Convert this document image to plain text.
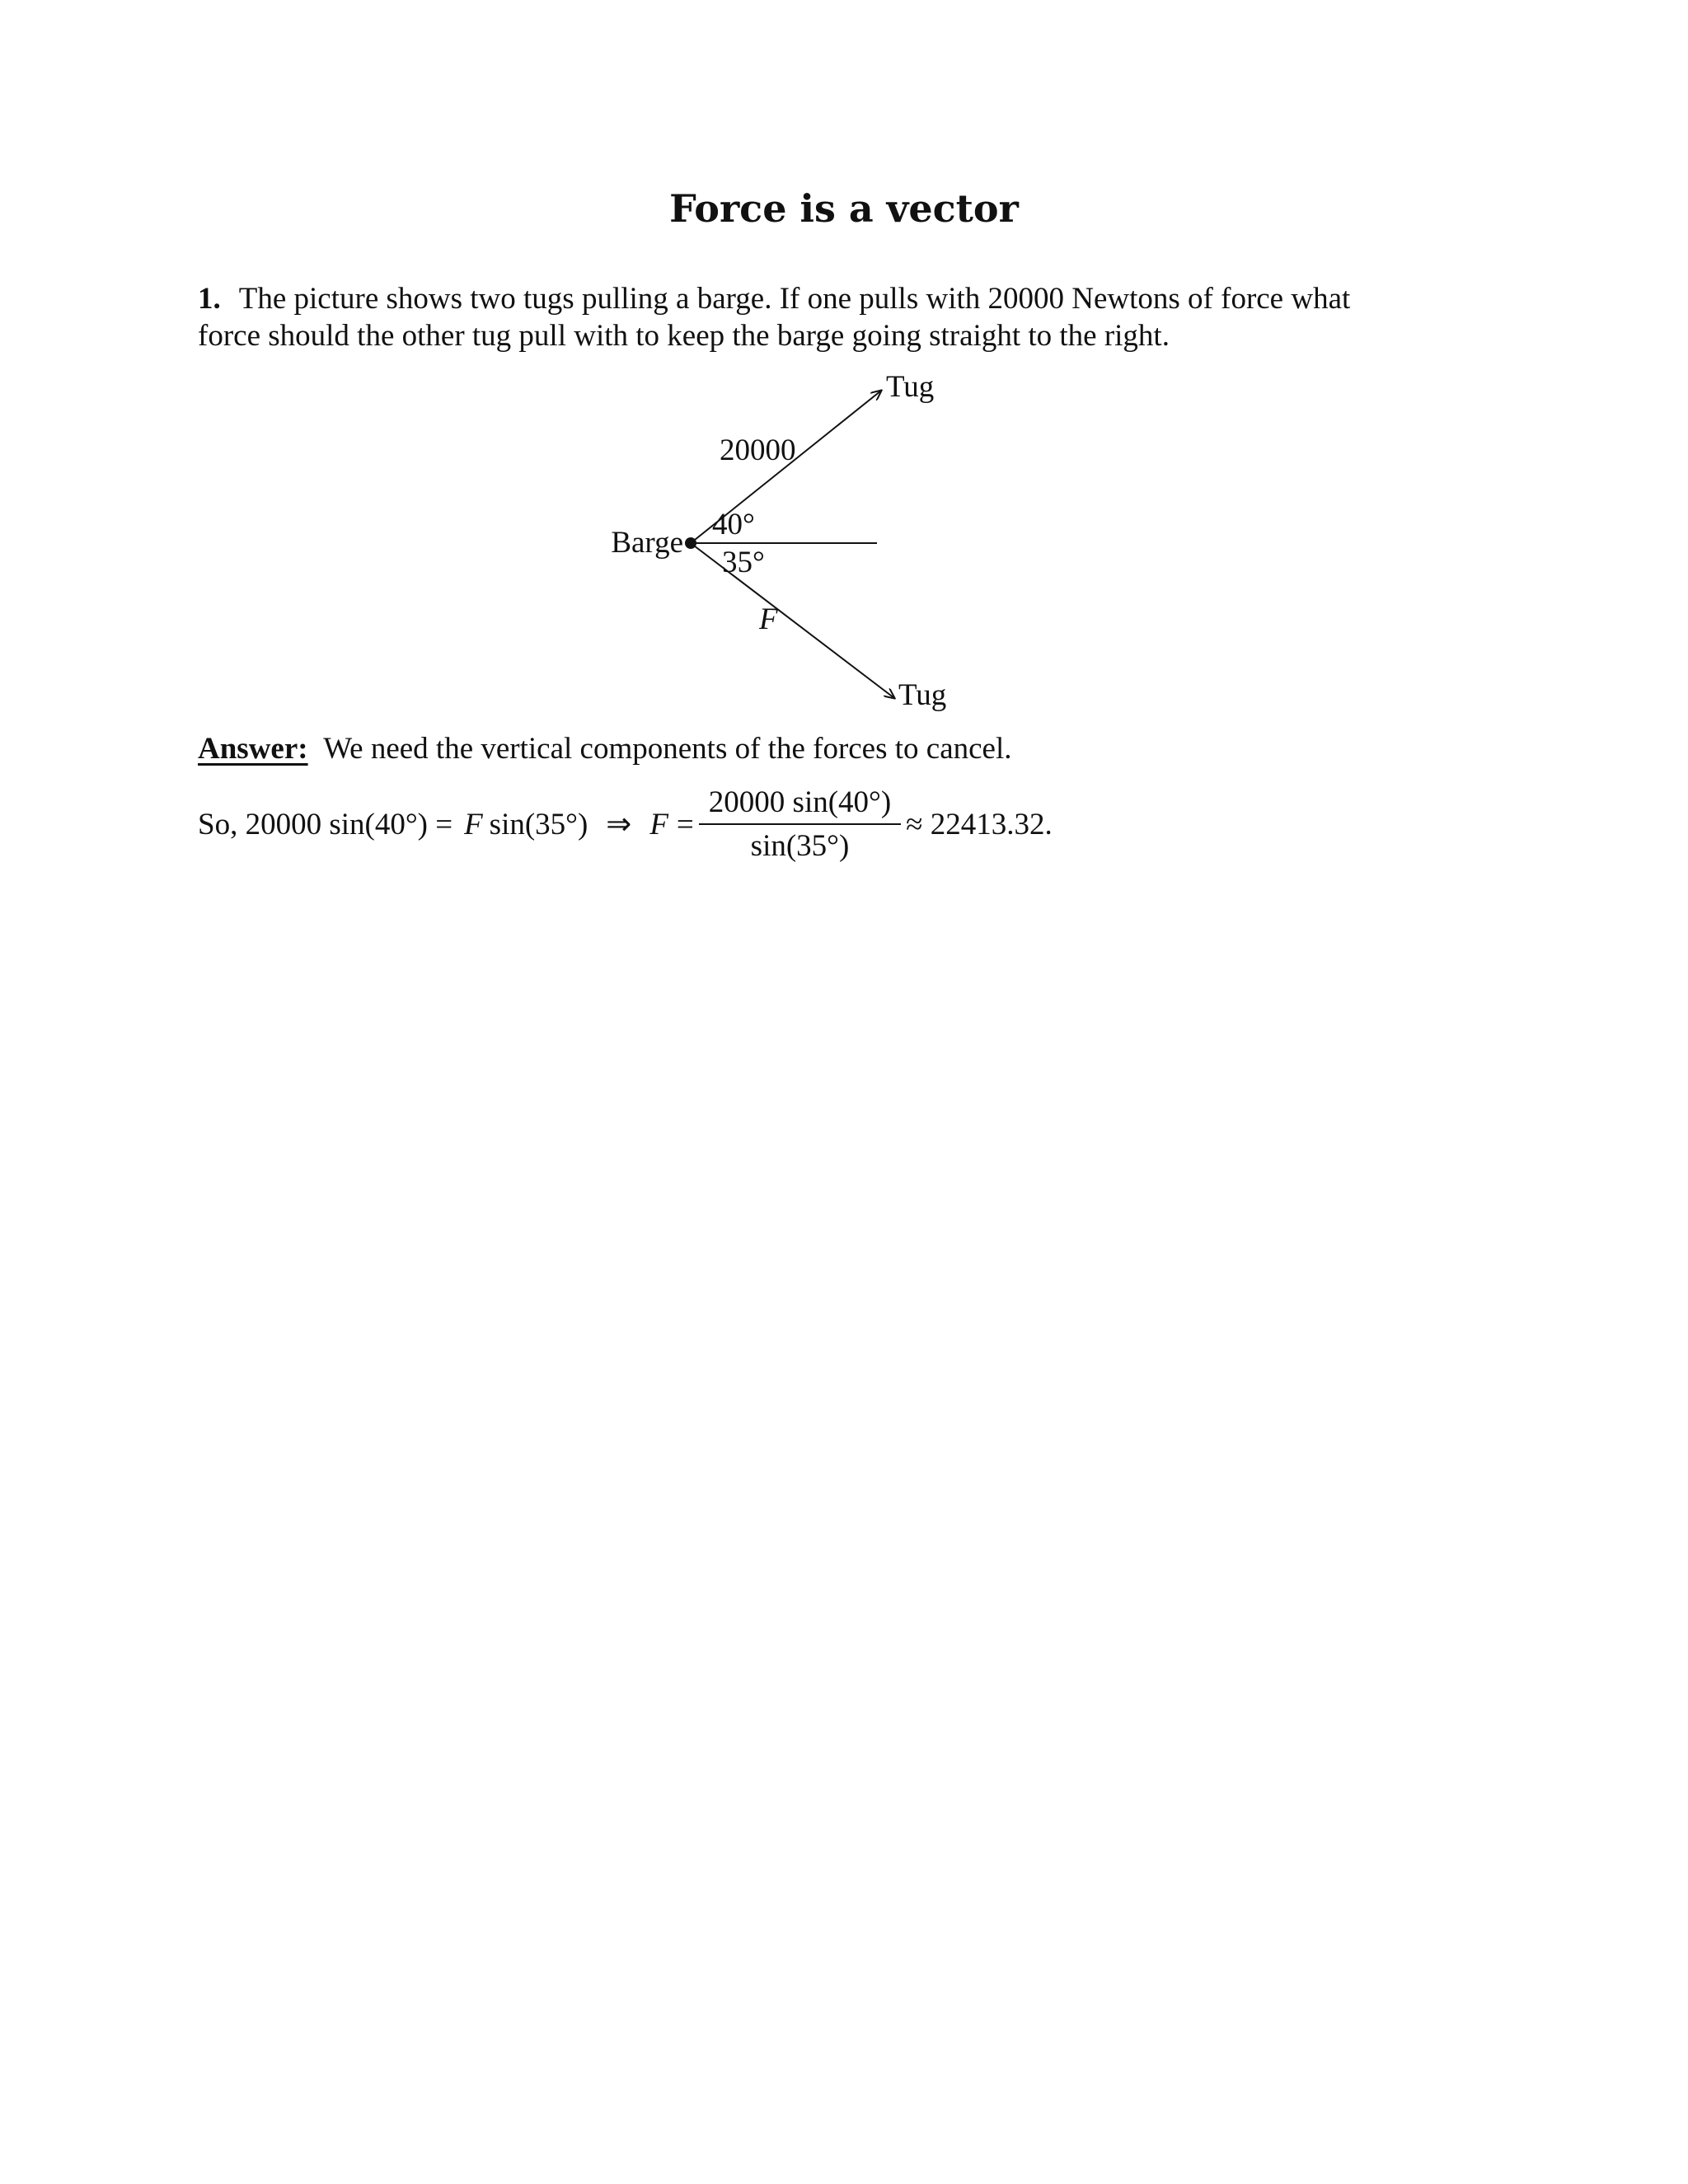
Force is a vector

1. The picture shows two tugs pulling a barge. If one pulls with 20000 Newtons of force what force should the other tug pull with to keep the barge going straight to the right.

Barge
Tug
Tug
20000
40°
35°
F
Answer: We need the vertical components of the forces to cancel.
So, 20000 sin(40°) = F sin(35°) ⇒ $F = \frac{20000 \sin(40^\circ)}{\sin(35^\circ)} \approx 22413.32$.
